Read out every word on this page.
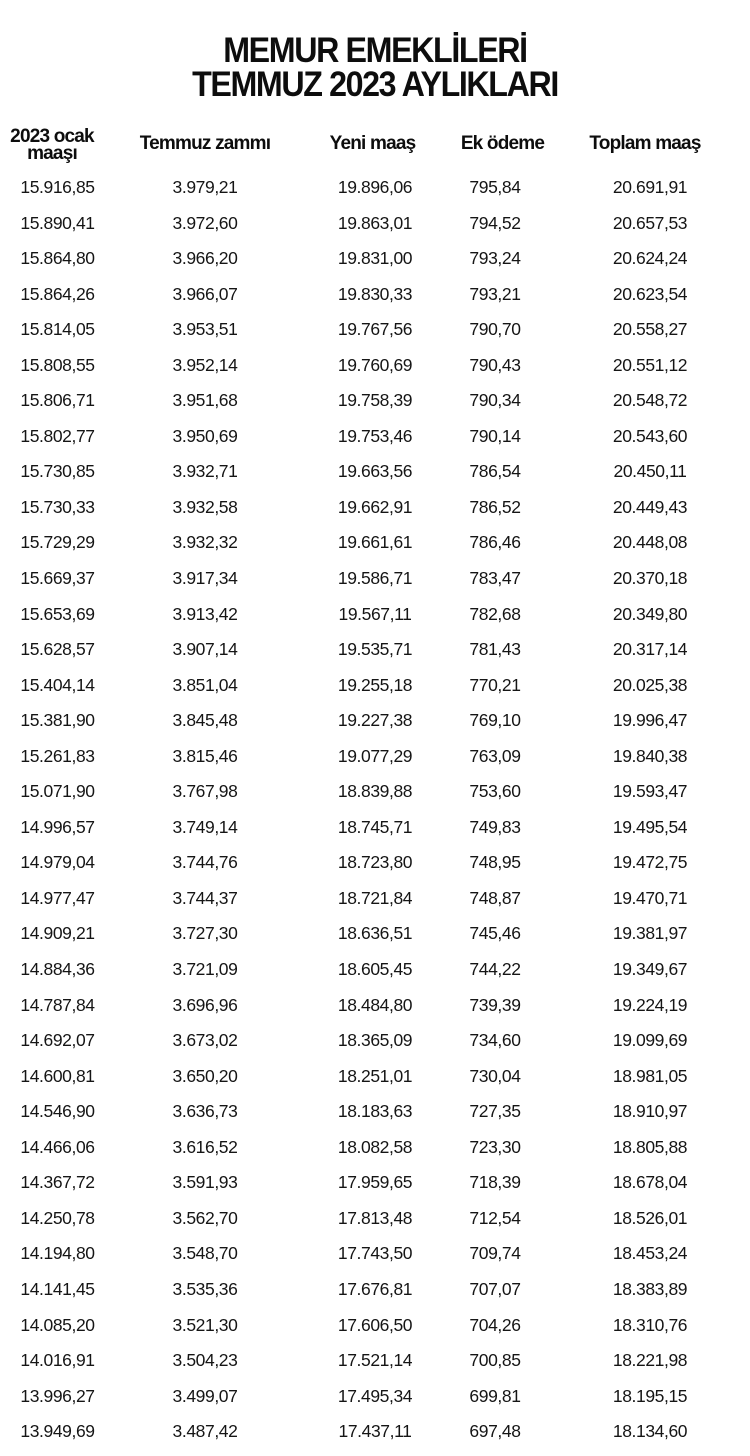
MEMUR EMEKLİLERİ
TEMMUZ 2023 AYLIKLARI
2023 ocak
maaşı	Temmuz zammı	Yeni maaş	Ek ödeme	Toplam maaş
15.916,85	3.979,21	19.896,06	795,84	20.691,91
15.890,41	3.972,60	19.863,01	794,52	20.657,53
15.864,80	3.966,20	19.831,00	793,24	20.624,24
15.864,26	3.966,07	19.830,33	793,21	20.623,54
15.814,05	3.953,51	19.767,56	790,70	20.558,27
15.808,55	3.952,14	19.760,69	790,43	20.551,12
15.806,71	3.951,68	19.758,39	790,34	20.548,72
15.802,77	3.950,69	19.753,46	790,14	20.543,60
15.730,85	3.932,71	19.663,56	786,54	20.450,11
15.730,33	3.932,58	19.662,91	786,52	20.449,43
15.729,29	3.932,32	19.661,61	786,46	20.448,08
15.669,37	3.917,34	19.586,71	783,47	20.370,18
15.653,69	3.913,42	19.567,11	782,68	20.349,80
15.628,57	3.907,14	19.535,71	781,43	20.317,14
15.404,14	3.851,04	19.255,18	770,21	20.025,38
15.381,90	3.845,48	19.227,38	769,10	19.996,47
15.261,83	3.815,46	19.077,29	763,09	19.840,38
15.071,90	3.767,98	18.839,88	753,60	19.593,47
14.996,57	3.749,14	18.745,71	749,83	19.495,54
14.979,04	3.744,76	18.723,80	748,95	19.472,75
14.977,47	3.744,37	18.721,84	748,87	19.470,71
14.909,21	3.727,30	18.636,51	745,46	19.381,97
14.884,36	3.721,09	18.605,45	744,22	19.349,67
14.787,84	3.696,96	18.484,80	739,39	19.224,19
14.692,07	3.673,02	18.365,09	734,60	19.099,69
14.600,81	3.650,20	18.251,01	730,04	18.981,05
14.546,90	3.636,73	18.183,63	727,35	18.910,97
14.466,06	3.616,52	18.082,58	723,30	18.805,88
14.367,72	3.591,93	17.959,65	718,39	18.678,04
14.250,78	3.562,70	17.813,48	712,54	18.526,01
14.194,80	3.548,70	17.743,50	709,74	18.453,24
14.141,45	3.535,36	17.676,81	707,07	18.383,89
14.085,20	3.521,30	17.606,50	704,26	18.310,76
14.016,91	3.504,23	17.521,14	700,85	18.221,98
13.996,27	3.499,07	17.495,34	699,81	18.195,15
13.949,69	3.487,42	17.437,11	697,48	18.134,60
